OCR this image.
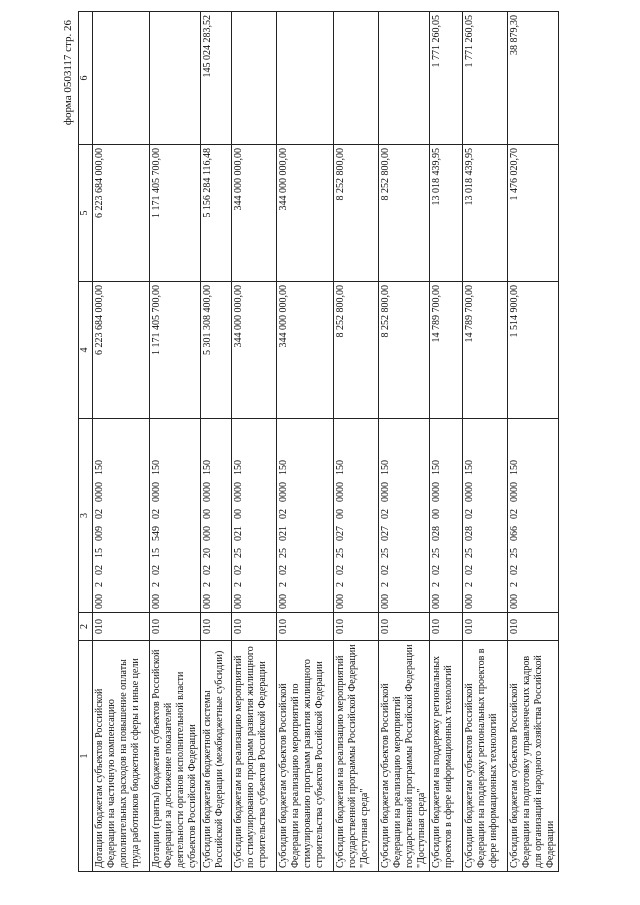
форма 0503117 стр. 26
1	2	3	4	5	6
Дотации бюджетам субъектов Российской Федерации на частичную компенсацию дополнительных расходов на повышение оплаты труда работников бюджетной сферы и иные цели	010	000  2  02  15  009  02  0000  150	6 223 684 000,00	6 223 684 000,00	
Дотации (гранты) бюджетам субъектов Российской Федерации за достижение показателей деятельности органов исполнительной власти субъектов Российской Федерации	010	000  2  02  15  549  02  0000  150	1 171 405 700,00	1 171 405 700,00	
Субсидии бюджетам бюджетной системы Российской Федерации (межбюджетные субсидии)	010	000  2  02  20  000  00  0000  150	5 301 308 400,00	5 156 284 116,48	145 024 283,52
Субсидии бюджетам на реализацию мероприятий по стимулированию программ развития жилищного строительства субъектов Российской Федерации	010	000  2  02  25  021  00  0000  150	344 000 000,00	344 000 000,00	
Субсидии бюджетам субъектов Российской Федерации на реализацию мероприятий по стимулированию программ развития жилищного строительства субъектов Российской Федерации	010	000  2  02  25  021  02  0000  150	344 000 000,00	344 000 000,00	
Субсидии бюджетам на реализацию мероприятий государственной программы Российской Федерации "Доступная среда"	010	000  2  02  25  027  00  0000  150	8 252 800,00	8 252 800,00	
Субсидии бюджетам субъектов Российской Федерации на реализацию мероприятий государственной программы Российской Федерации "Доступная среда"	010	000  2  02  25  027  02  0000  150	8 252 800,00	8 252 800,00	
Субсидии бюджетам на поддержку региональных проектов в сфере информационных технологий	010	000  2  02  25  028  00  0000  150	14 789 700,00	13 018 439,95	1 771 260,05
Субсидии бюджетам субъектов Российской Федерации на поддержку региональных проектов в сфере информационных технологий	010	000  2  02  25  028  02  0000  150	14 789 700,00	13 018 439,95	1 771 260,05
Субсидии бюджетам субъектов Российской Федерации на подготовку управленческих кадров для организаций народного хозяйства Российской Федерации	010	000  2  02  25  066  02  0000  150	1 514 900,00	1 476 020,70	38 879,30
